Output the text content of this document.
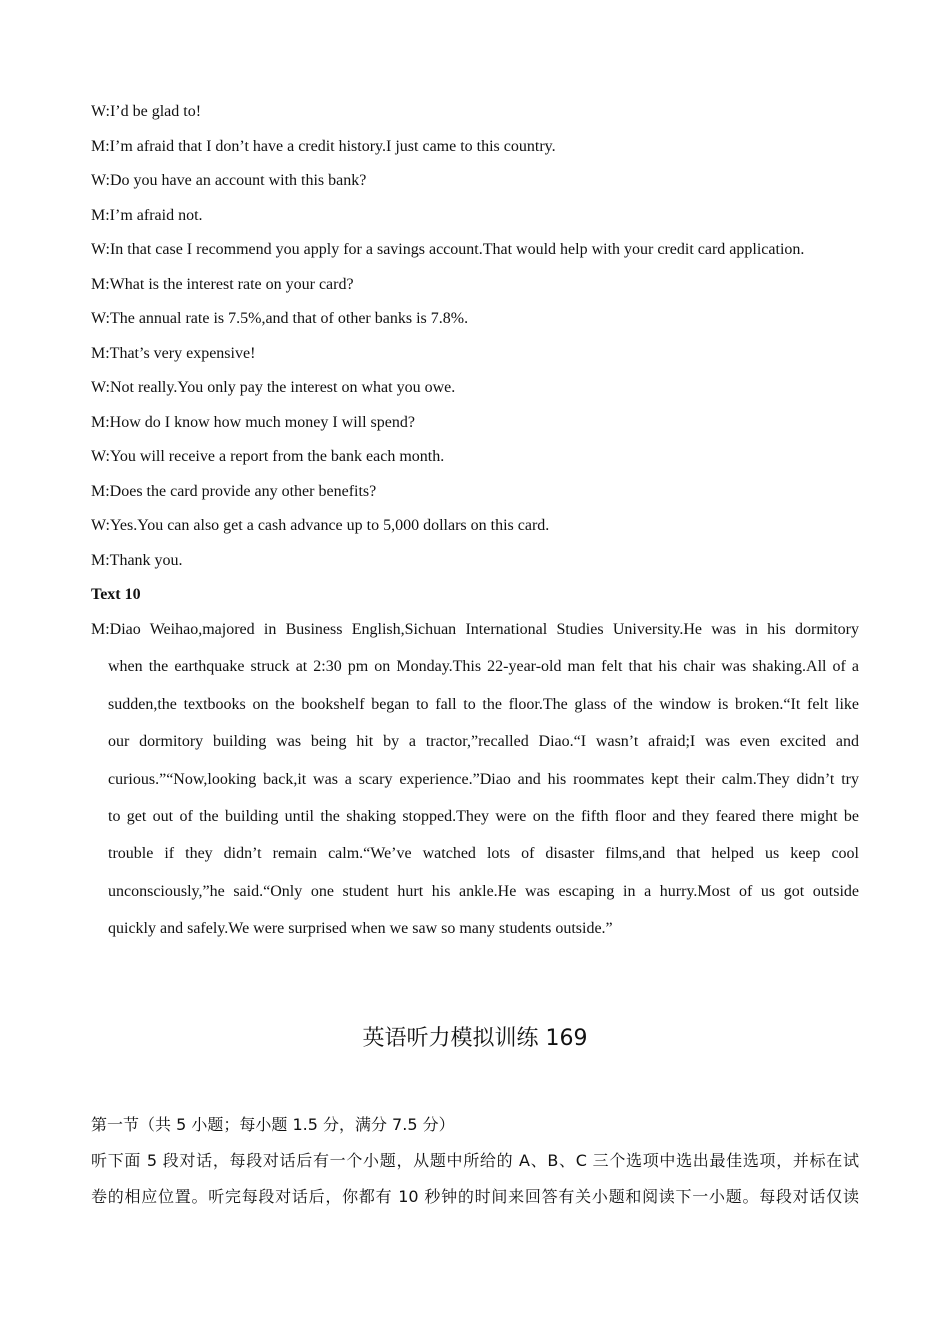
W:I’d be glad to!
M:I’m afraid that I don’t have a credit history.I just came to this country.
W:Do you have an account with this bank?
M:I’m afraid not.
W:In that case I recommend you apply for a savings account.That would help with your credit card application.
M:What is the interest rate on your card?
W:The annual rate is 7.5%,and that of other banks is 7.8%.
M:That’s very expensive!
W:Not really.You only pay the interest on what you owe.
M:How do I know how much money I will spend?
W:You will receive a report from the bank each month.
M:Does the card provide any other benefits?
W:Yes.You can also get a cash advance up to 5,000 dollars on this card.
M:Thank you.
Text 10
M:Diao Weihao,majored in Business English,Sichuan International Studies University.He was in his dormitory
when the earthquake struck at 2:30 pm on Monday.This 22-year-old man felt that his chair was shaking.All of a
sudden,the textbooks on the bookshelf began to fall to the floor.The glass of the window is broken.“It felt like
our dormitory building was being hit by a tractor,”recalled Diao.“I wasn’t afraid;I was even excited and
curious.”“Now,looking back,it was a scary experience.”Diao and his roommates kept their calm.They didn’t try
to get out of the building until the shaking stopped.They were on the fifth floor and they feared there might be
trouble if they didn’t remain calm.“We’ve watched lots of disaster films,and that helped us keep cool
unconsciously,”he said.“Only one student hurt his ankle.He was escaping in a hurry.Most of us got outside
quickly and safely.We were surprised when we saw so many students outside.”
英语听力模拟训练 169
第一节（共 5 小题；每小题 1.5 分，满分 7.5 分）
听下面 5 段对话，每段对话后有一个小题，从题中所给的 A、B、C 三个选项中选出最佳选项，并标在试
卷的相应位置。听完每段对话后，你都有 10 秒钟的时间来回答有关小题和阅读下一小题。每段对话仅读
